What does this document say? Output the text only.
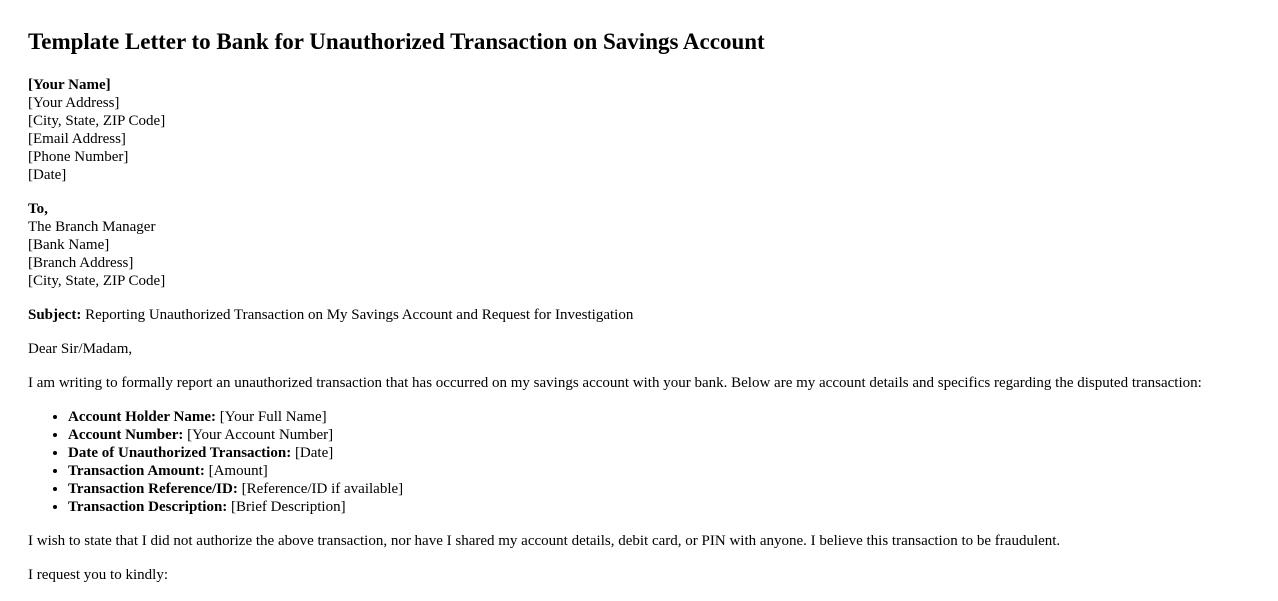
Template Letter to Bank for Unauthorized Transaction on Savings Account
[Your Name]
[Your Address]
[City, State, ZIP Code]
[Email Address]
[Phone Number]
[Date]
To,
The Branch Manager
[Bank Name]
[Branch Address]
[City, State, ZIP Code]

Subject: Reporting Unauthorized Transaction on My Savings Account and Request for Investigation

Dear Sir/Madam,

I am writing to formally report an unauthorized transaction that has occurred on my savings account with your bank. Below are my account details and specifics regarding the disputed transaction:

• Account Holder Name: [Your Full Name]
• Account Number: [Your Account Number]
• Date of Unauthorized Transaction: [Date]
• Transaction Amount: [Amount]
• Transaction Reference/ID: [Reference/ID if available]
• Transaction Description: [Brief Description]

I wish to state that I did not authorize the above transaction, nor have I shared my account details, debit card, or PIN with anyone. I believe this transaction to be fraudulent.

I request you to kindly:
